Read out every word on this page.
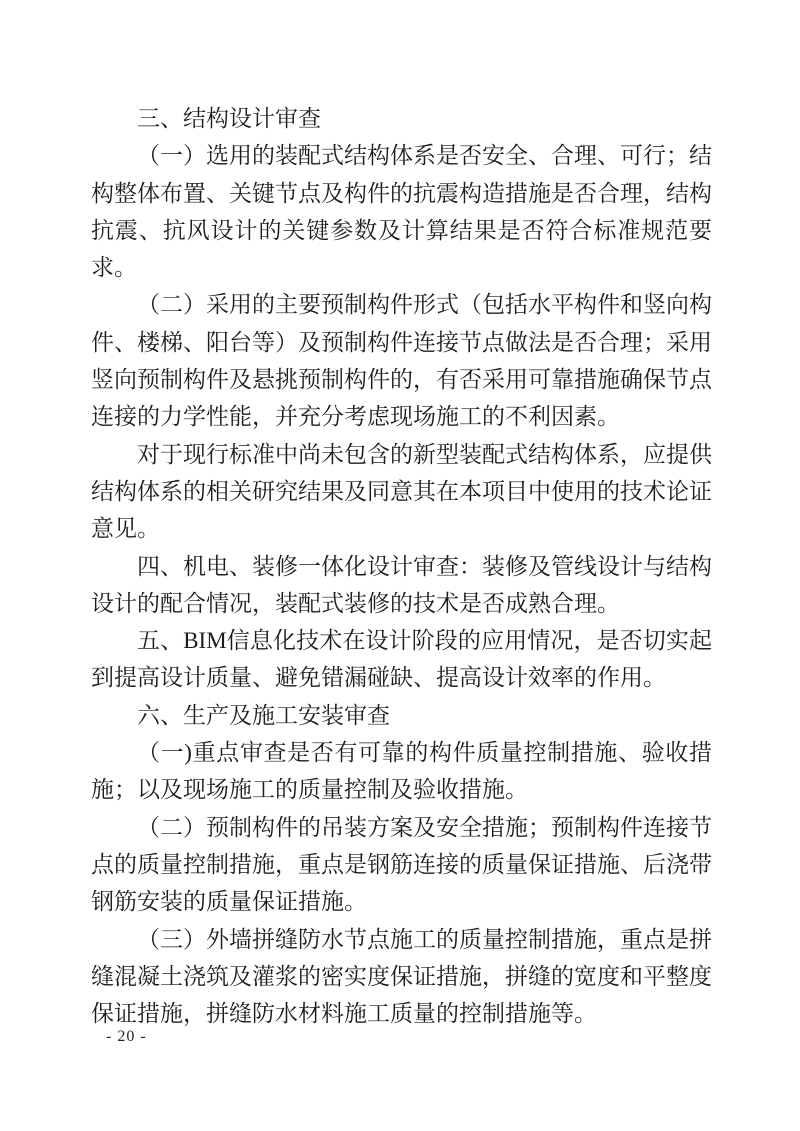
三、结构设计审查

（一）选用的装配式结构体系是否安全、合理、可行；结构整体布置、关键节点及构件的抗震构造措施是否合理，结构抗震、抗风设计的关键参数及计算结果是否符合标准规范要求。

（二）采用的主要预制构件形式（包括水平构件和竖向构件、楼梯、阳台等）及预制构件连接节点做法是否合理；采用竖向预制构件及悬挑预制构件的，有否采用可靠措施确保节点连接的力学性能，并充分考虑现场施工的不利因素。

对于现行标准中尚未包含的新型装配式结构体系，应提供结构体系的相关研究结果及同意其在本项目中使用的技术论证意见。

四、机电、装修一体化设计审查：装修及管线设计与结构设计的配合情况，装配式装修的技术是否成熟合理。

五、BIM信息化技术在设计阶段的应用情况，是否切实起到提高设计质量、避免错漏碰缺、提高设计效率的作用。

六、生产及施工安装审查

（一)重点审查是否有可靠的构件质量控制措施、验收措施；以及现场施工的质量控制及验收措施。

（二）预制构件的吊装方案及安全措施；预制构件连接节点的质量控制措施，重点是钢筋连接的质量保证措施、后浇带钢筋安装的质量保证措施。

（三）外墙拼缝防水节点施工的质量控制措施，重点是拼缝混凝土浇筑及灌浆的密实度保证措施，拼缝的宽度和平整度保证措施，拼缝防水材料施工质量的控制措施等。

- 20 -
